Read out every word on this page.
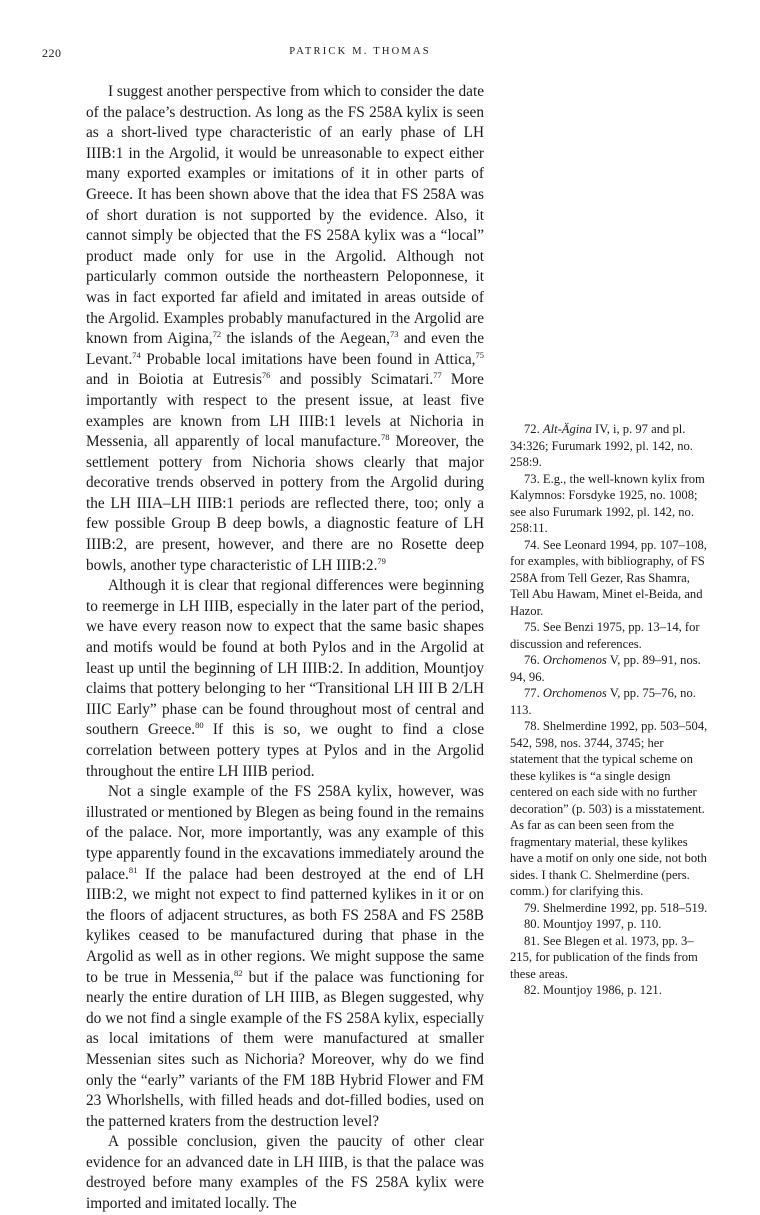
220	PATRICK M. THOMAS

I suggest another perspective from which to consider the date of the palace’s destruction. As long as the FS 258A kylix is seen as a short-lived type characteristic of an early phase of LH IIIB:1 in the Argolid, it would be unreasonable to expect either many exported examples or imitations of it in other parts of Greece. It has been shown above that the idea that FS 258A was of short duration is not supported by the evidence. Also, it cannot simply be objected that the FS 258A kylix was a “local” product made only for use in the Argolid. Although not particularly common outside the northeastern Peloponnese, it was in fact exported far afield and imitated in areas outside of the Argolid. Examples probably manufactured in the Argolid are known from Aigina,$^{72}$ the islands of the Aegean,$^{73}$ and even the Levant.$^{74}$ Probable local imitations have been found in Attica,$^{75}$ and in Boiotia at Eutresis$^{76}$ and possibly Scimatari.$^{77}$ More importantly with respect to the present issue, at least five examples are known from LH IIIB:1 levels at Nichoria in Messenia, all apparently of local manufacture.$^{78}$ Moreover, the settlement pottery from Nichoria shows clearly that major decorative trends observed in pottery from the Argolid during the LH IIIA–LH IIIB:1 periods are reflected there, too; only a few possible Group B deep bowls, a diagnostic feature of LH IIIB:2, are present, however, and there are no Rosette deep bowls, another type characteristic of LH IIIB:2.79

Although it is clear that regional differences were beginning to reemerge in LH IIIB, especially in the later part of the period, we have every reason now to expect that the same basic shapes and motifs would be found at both Pylos and in the Argolid at least up until the beginning of LH IIIB:2. In addition, Mountjoy claims that pottery belonging to her “Transitional LH III B 2/LH IIIC Early” phase can be found throughout most of central and southern Greece.$^{80}$ If this is so, we ought to find a close correlation between pottery types at Pylos and in the Argolid throughout the entire LH IIIB period.

Not a single example of the FS 258A kylix, however, was illustrated or mentioned by Blegen as being found in the remains of the palace. Nor, more importantly, was any example of this type apparently found in the excavations immediately around the palace.$^{81}$ If the palace had been destroyed at the end of LH IIIB:2, we might not expect to find patterned kylikes in it or on the floors of adjacent structures, as both FS 258A and FS 258B kylikes ceased to be manufactured during that phase in the Argolid as well as in other regions. We might suppose the same to be true in Messenia,$^{82}$ but if the palace was functioning for nearly the entire duration of LH IIIB, as Blegen suggested, why do we not find a single example of the FS 258A kylix, especially as local imitations of them were manufactured at smaller Messenian sites such as Nichoria? Moreover, why do we find only the “early” variants of the FM 18B Hybrid Flower and FM 23 Whorlshells, with filled heads and dot-filled bodies, used on the patterned kraters from the destruction level?

A possible conclusion, given the paucity of other clear evidence for an advanced date in LH IIIB, is that the palace was destroyed before many examples of the FS 258A kylix were imported and imitated locally. The

72. Alt-Ägina IV, i, p. 97 and pl. 34:326; Furumark 1992, pl. 142, no. 258:9.
73. E.g., the well-known kylix from Kalymnos: Forsdyke 1925, no. 1008; see also Furumark 1992, pl. 142, no. 258:11.
74. See Leonard 1994, pp. 107–108, for examples, with bibliography, of FS 258A from Tell Gezer, Ras Shamra, Tell Abu Hawam, Minet el-Beida, and Hazor.
75. See Benzi 1975, pp. 13–14, for discussion and references.
76. Orchomenos V, pp. 89–91, nos. 94, 96.
77. Orchomenos V, pp. 75–76, no. 113.
78. Shelmerdine 1992, pp. 503–504, 542, 598, nos. 3744, 3745; her statement that the typical scheme on these kylikes is “a single design centered on each side with no further decoration” (p. 503) is a misstatement. As far as can been seen from the fragmentary material, these kylikes have a motif on only one side, not both sides. I thank C. Shelmerdine (pers. comm.) for clarifying this.
79. Shelmerdine 1992, pp. 518–519.
80. Mountjoy 1997, p. 110.
81. See Blegen et al. 1973, pp. 3–215, for publication of the finds from these areas.
82. Mountjoy 1986, p. 121.
